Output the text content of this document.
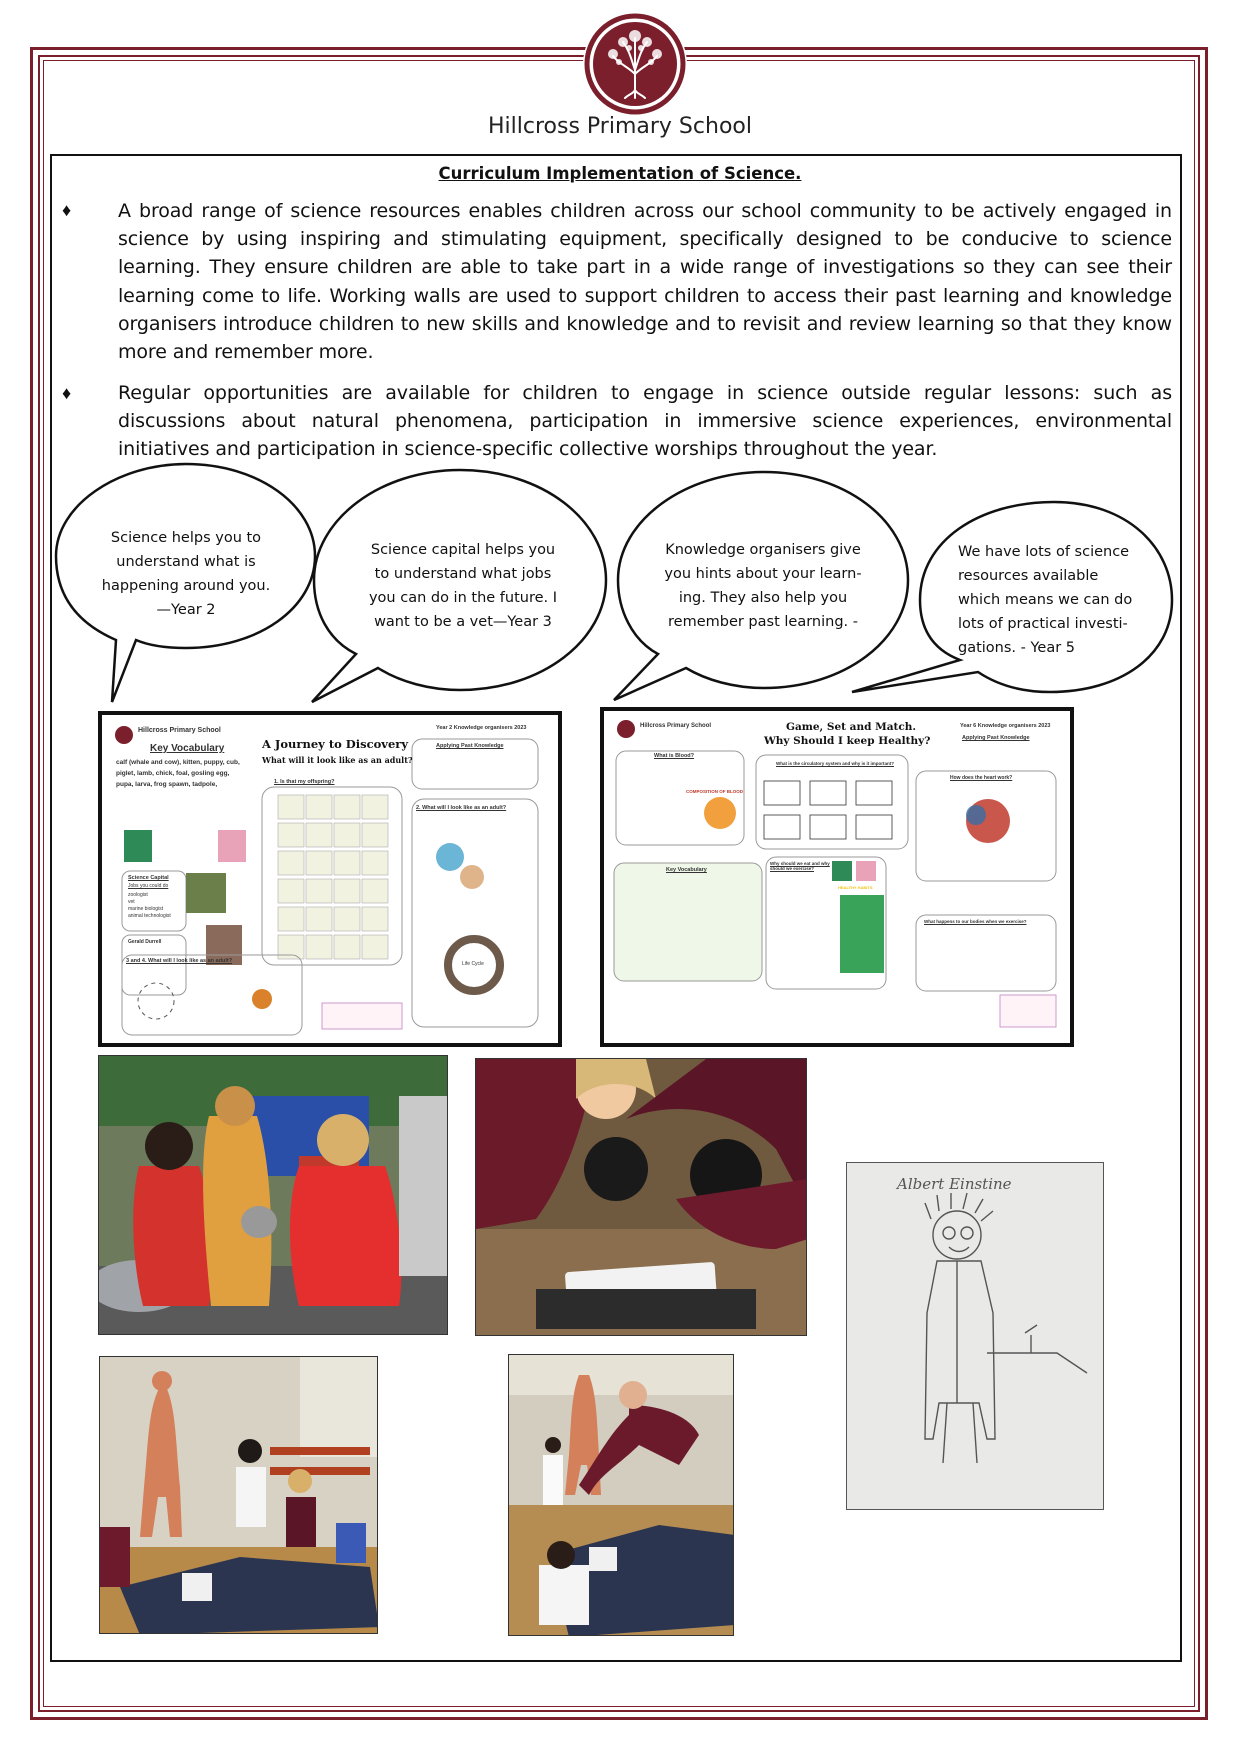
Hillcross Primary School
Curriculum Implementation of Science.
♦ A broad range of science resources enables children across our school community to be actively engaged in science by using inspiring and stimulating equipment, specifically designed to be conducive to science learning. They ensure children are able to take part in a wide range of investigations so they can see their learning come to life. Working walls are used to support children to access their past learning and knowledge organisers introduce children to new skills and knowledge and to revisit and review learning so that they know more and remember more.

♦ Regular opportunities are available for children to engage in science outside regular lessons: such as discussions about natural phenomena, participation in immersive science experiences, environmental initiatives and participation in science-specific collective worships throughout the year.

Science helps you to
understand what is
happening around you.
—Year 2
Science capital helps you
to understand what jobs
you can do in the future. I
want to be a vet—Year 3
Knowledge organisers give
you hints about your learn-
ing. They also help you
remember past learning. -
We have lots of science
resources available
which means we can do
lots of practical investi-
gations. - Year 5
Hillcross Primary School
Key Vocabulary
calf (whale and cow), kitten, puppy, cub, piglet, lamb, chick, foal, gosling egg, pupa, larva, frog spawn, tadpole,
A Journey to Discovery
What will it look like as an adult?
Year 2 Knowledge organisers 2023
Applying Past Knowledge
1. Is that my offspring?
2. What will I look like as an adult?
3 and 4. What will I look like as an adult?
Science Capital
Jobs you could do
zoologist
vet
marine biologist
animal technologist
Gerald Durrell
Life Cycle
Hillcross Primary School	Game, Set and Match.
Why Should I keep Healthy?
Year 6 Knowledge organisers 2023
Applying Past Knowledge
What is Blood?
COMPOSITION OF BLOOD
What is the circulatory system and why is it important?
How does the heart work?
Key Vocabulary
Why should we eat and why should we exercise?
HEALTHY HABITS
What happens to our bodies when we exercise?
Albert Einstine
